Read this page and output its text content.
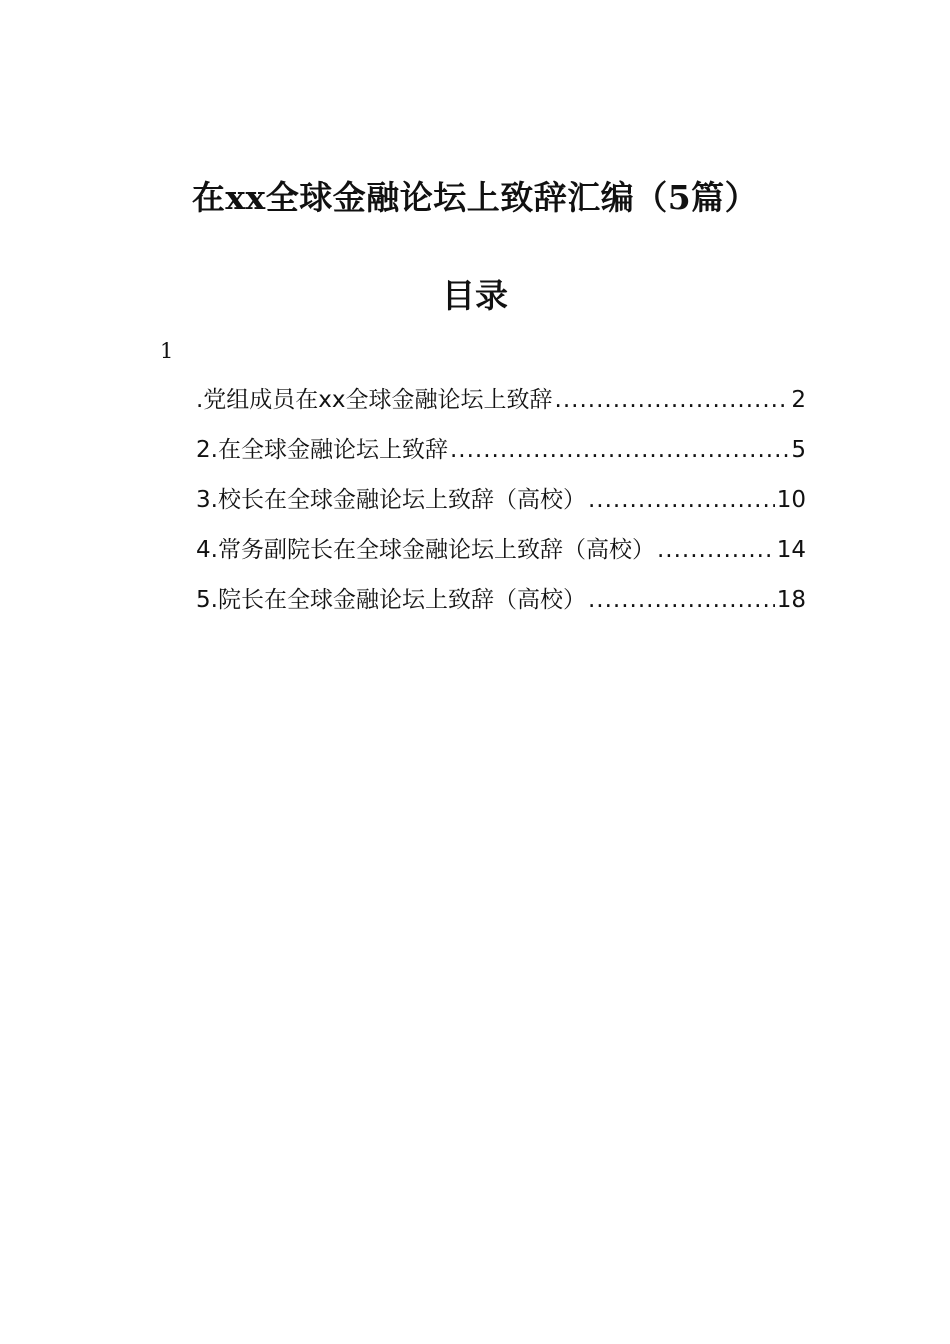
在xx全球金融论坛上致辞汇编（5篇）
目录
1
.党组成员在xx全球金融论坛上致辞 .....	2
2.在全球金融论坛上致辞 .....	5
3.校长在全球金融论坛上致辞（高校） .....	10
4.常务副院长在全球金融论坛上致辞（高校） .....	14
5.院长在全球金融论坛上致辞（高校） .....	18
